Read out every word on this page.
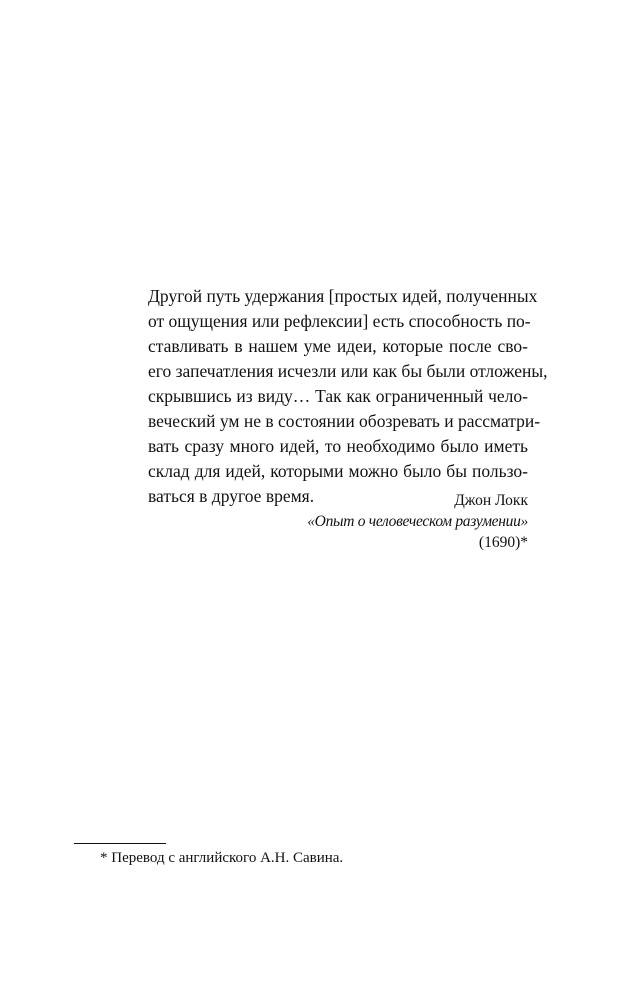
Другой путь удержания [простых идей, полученных
от ощущения или рефлексии] есть способность по-
ставливать в нашем уме идеи, которые после сво-
его запечатления исчезли или как бы были отложены,
скрывшись из виду… Так как ограниченный чело-
веческий ум не в состоянии обозревать и рассматри-
вать сразу много идей, то необходимо было иметь
склад для идей, которыми можно было бы пользо-
ваться в другое время.	Джон Локк
«Опыт о человеческом разумении»
(1690)*
* Перевод с английского А.Н. Савина.
